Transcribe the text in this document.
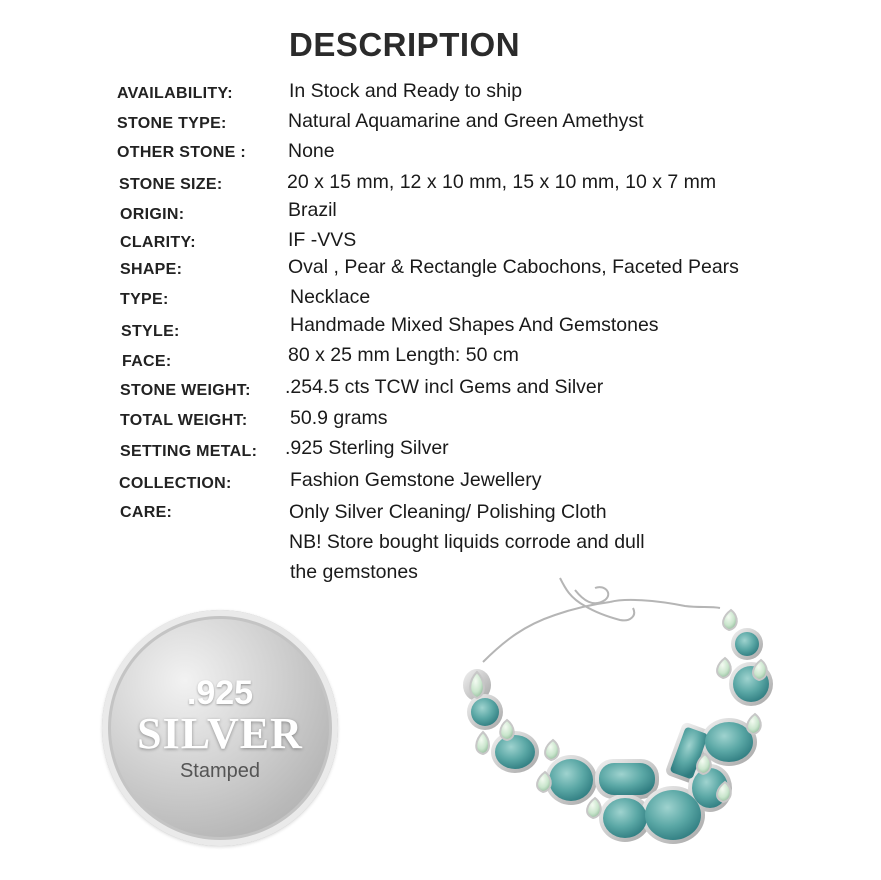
DESCRIPTION
AVAILABILITY:	In Stock and Ready to ship
STONE TYPE:	Natural Aquamarine and Green Amethyst
OTHER STONE : None
STONE SIZE:	20 x 15 mm, 12 x 10 mm, 15 x 10 mm, 10 x 7 mm
ORIGIN:	Brazil
CLARITY:	IF -VVS
SHAPE:	Oval , Pear & Rectangle Cabochons, Faceted Pears
TYPE:	Necklace
STYLE:	Handmade Mixed Shapes And Gemstones
FACE:	80 x 25 mm Length: 50 cm
STONE WEIGHT: .254.5 cts TCW incl Gems and Silver
TOTAL WEIGHT: 50.9 grams
SETTING METAL: .925 Sterling Silver
COLLECTION:	Fashion Gemstone Jewellery
CARE:	Only Silver Cleaning/ Polishing Cloth
NB! Store bought liquids corrode and dull
the gemstones
.925
SILVER
Stamped
